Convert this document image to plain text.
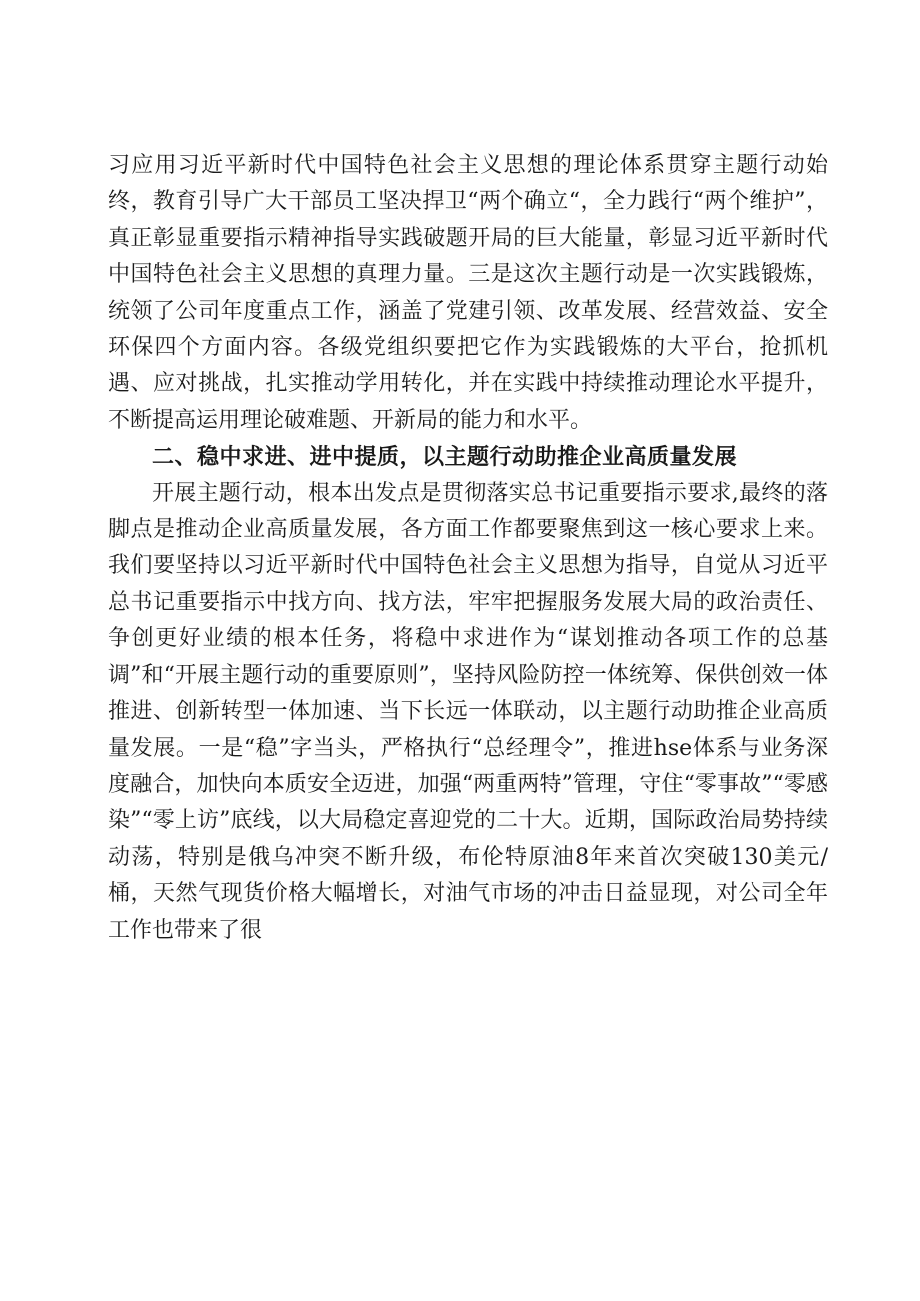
习应用习近平新时代中国特色社会主义思想的理论体系贯穿主题行动始终，教育引导广大干部员工坚决捍卫“两个确立“，全力践行“两个维护”，真正彰显重要指示精神指导实践破题开局的巨大能量，彰显习近平新时代中国特色社会主义思想的真理力量。三是这次主题行动是一次实践锻炼，统领了公司年度重点工作，涵盖了党建引领、改革发展、经营效益、安全环保四个方面内容。各级党组织要把它作为实践锻炼的大平台，抢抓机遇、应对挑战，扎实推动学用转化，并在实践中持续推动理论水平提升，不断提高运用理论破难题、开新局的能力和水平。

二、稳中求进、进中提质，以主题行动助推企业高质量发展

开展主题行动，根本出发点是贯彻落实总书记重要指示要求,最终的落脚点是推动企业高质量发展，各方面工作都要聚焦到这一核心要求上来。我们要坚持以习近平新时代中国特色社会主义思想为指导，自觉从习近平总书记重要指示中找方向、找方法，牢牢把握服务发展大局的政治责任、争创更好业绩的根本任务，将稳中求进作为“谋划推动各项工作的总基调”和“开展主题行动的重要原则”，坚持风险防控一体统筹、保供创效一体推进、创新转型一体加速、当下长远一体联动，以主题行动助推企业高质量发展。一是“稳”字当头，严格执行“总经理令”，推进hse体系与业务深度融合，加快向本质安全迈进，加强“两重两特”管理，守住“零事故”“零感染”“零上访”底线，以大局稳定喜迎党的二十大。近期，国际政治局势持续动荡，特别是俄乌冲突不断升级，布伦特原油8年来首次突破130美元/桶，天然气现货价格大幅增长，对油气市场的冲击日益显现，对公司全年工作也带来了很
